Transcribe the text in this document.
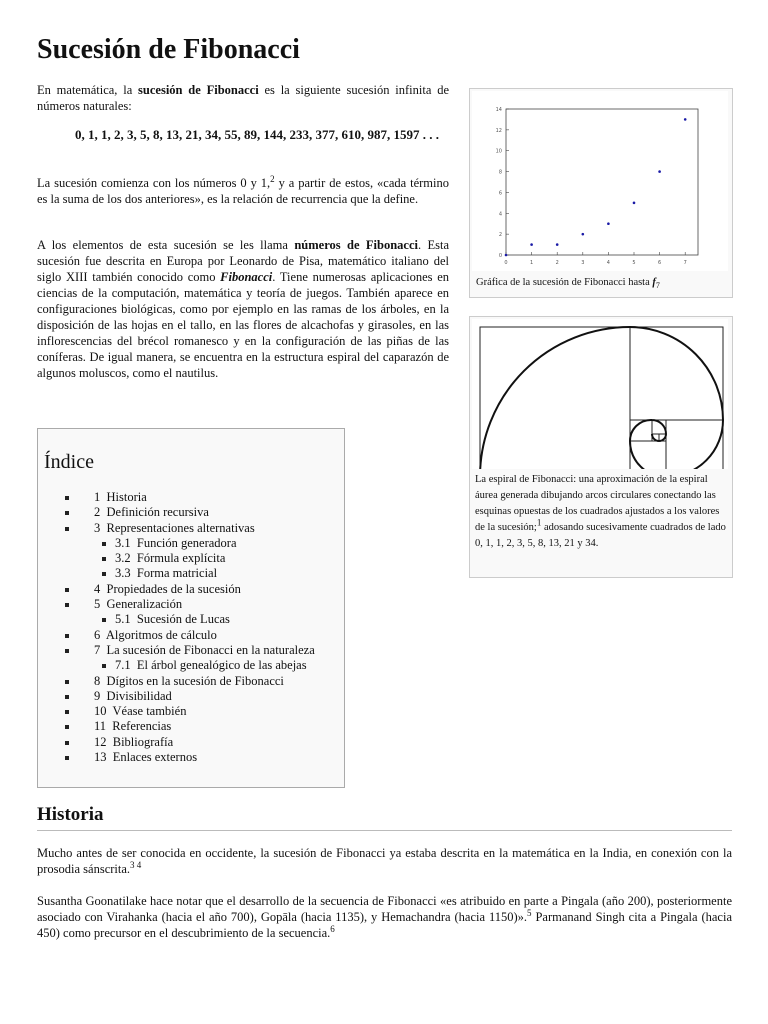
Sucesión de Fibonacci

En matemática, la sucesión de Fibonacci es la siguiente sucesión infinita de números naturales:

0, 1, 1, 2, 3, 5, 8, 13, 21, 34, 55, 89, 144, 233, 377, 610, 987, 1597 . . .

La sucesión comienza con los números 0 y 1,$^2$ y a partir de estos, «cada término es la suma de los dos anteriores», es la relación de recurrencia que la define.

A los elementos de esta sucesión se les llama números de Fibonacci. Esta sucesión fue descrita en Europa por Leonardo de Pisa, matemático italiano del siglo XIII también conocido como Fibonacci. Tiene numerosas aplicaciones en ciencias de la computación, matemática y teoría de juegos. También aparece en configuraciones biológicas, como por ejemplo en las ramas de los árboles, en la disposición de las hojas en el tallo, en las flores de alcachofas y girasoles, en las inflorescencias del brécol romanesco y en la configuración de las piñas de las coníferas. De igual manera, se encuentra en la estructura espiral del caparazón de algunos moluscos, como el nautilus.

0	1	2	3	4	5	6	7
0
2
4
6
8
10
12
14
Gráfica de la sucesión de Fibonacci hasta $f_7$
La espiral de Fibonacci: una aproximación de la espiral áurea generada dibujando arcos circulares conectando las esquinas opuestas de los cuadrados ajustados a los valores de la sucesión;$^1$ adosando sucesivamente cuadrados de lado 0, 1, 1, 2, 3, 5, 8, 13, 21 y 34.
Índice
1 Historia
2 Definición recursiva
3 Representaciones alternativas
3.1 Función generadora
3.2 Fórmula explícita
3.3 Forma matricial
4 Propiedades de la sucesión
5 Generalización
5.1 Sucesión de Lucas
6 Algoritmos de cálculo
7 La sucesión de Fibonacci en la naturaleza
7.1 El árbol genealógico de las abejas
8 Dígitos en la sucesión de Fibonacci
9 Divisibilidad
10 Véase también
11 Referencias
12 Bibliografía
13 Enlaces externos
Historia

Mucho antes de ser conocida en occidente, la sucesión de Fibonacci ya estaba descrita en la matemática en la India, en conexión con la prosodia sánscrita.$^{3 4}$

Susantha Goonatilake hace notar que el desarrollo de la secuencia de Fibonacci «es atribuido en parte a Pingala (año 200), posteriormente asociado con Virahanka (hacia el año 700), Gopāla (hacia 1135), y Hemachandra (hacia 1150)».$^5$ Parmanand Singh cita a Pingala (hacia 450) como precursor en el descubrimiento de la secuencia.$^6$
